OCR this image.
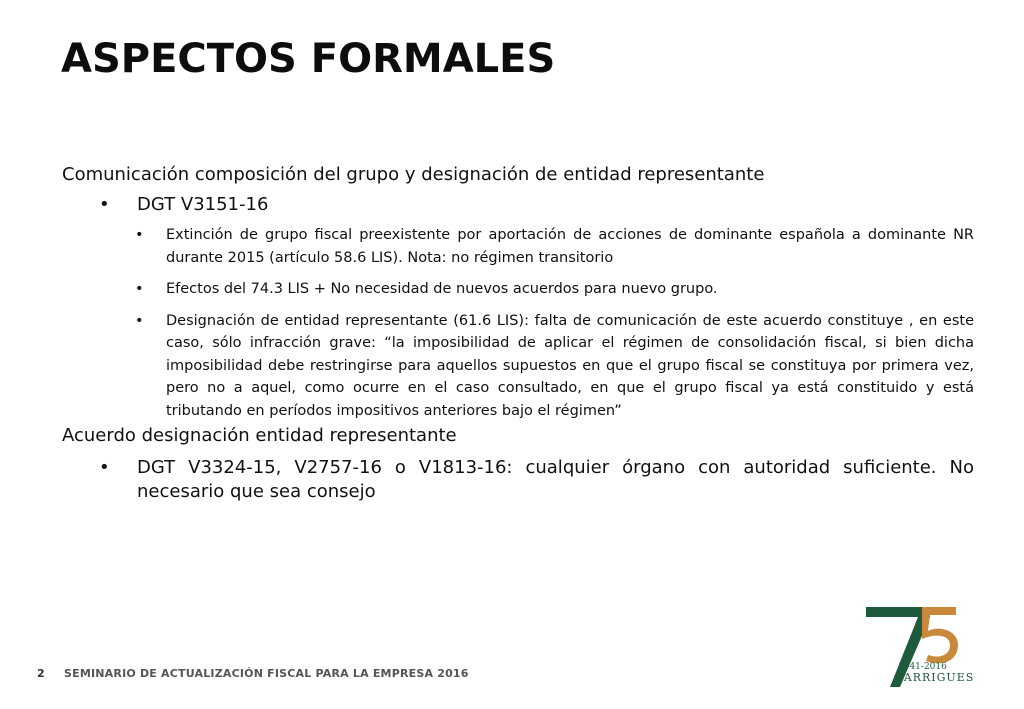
ASPECTOS FORMALES

Comunicación composición del grupo y designación de entidad representante

• DGT V3151-16
• Extinción de grupo fiscal preexistente por aportación de acciones de dominante española a dominante NR durante 2015 (artículo 58.6 LIS). Nota: no régimen transitorio
• Efectos del 74.3 LIS + No necesidad de nuevos acuerdos para nuevo grupo.
• Designación de entidad representante (61.6 LIS): falta de comunicación de este acuerdo constituye , en este caso, sólo infracción grave: “la imposibilidad de aplicar el régimen de consolidación fiscal, si bien dicha imposibilidad debe restringirse para aquellos supuestos en que el grupo fiscal se constituya por primera vez, pero no a aquel, como ocurre en el caso consultado, en que el grupo fiscal ya está constituido y está tributando en períodos impositivos anteriores bajo el régimen”

Acuerdo designación entidad representante

• DGT V3324-15, V2757-16 o V1813-16: cualquier órgano con autoridad suficiente. No necesario que sea consejo
2 SEMINARIO DE ACTUALIZACIÓN FISCAL PARA LA EMPRESA 2016	1941-2016
GARRIGUES
